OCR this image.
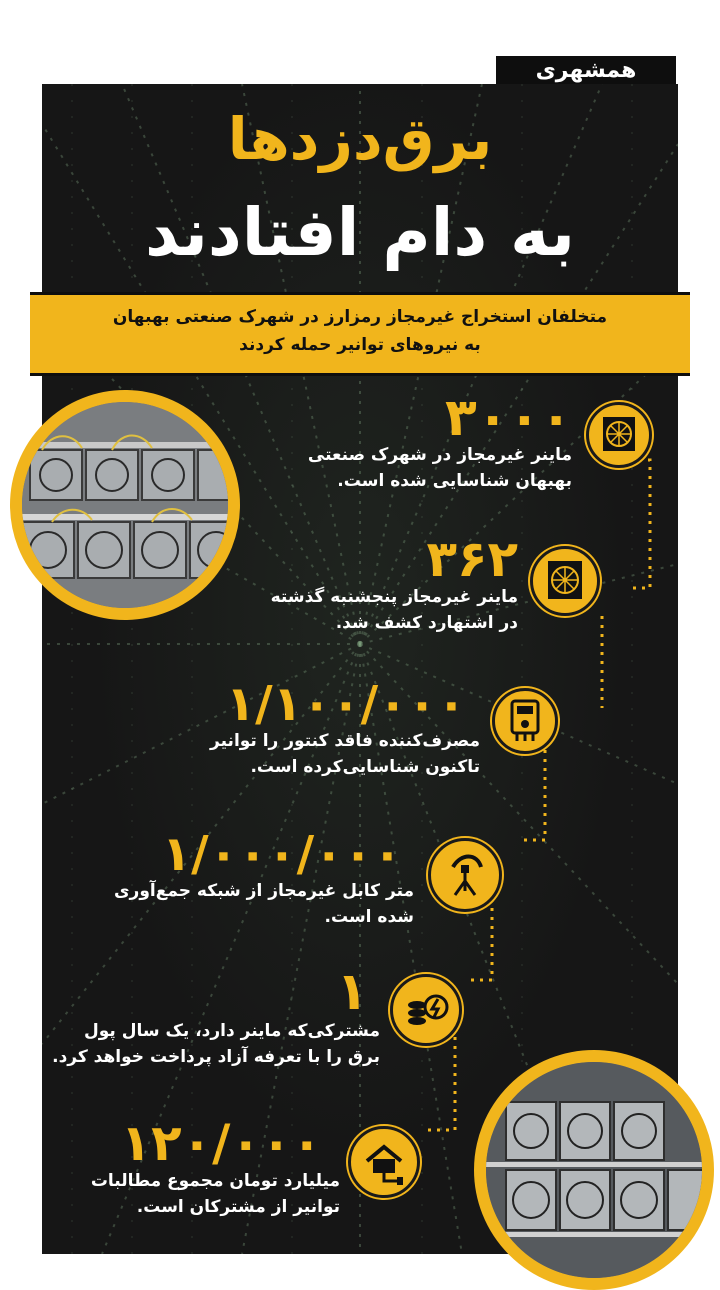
همشهری
برق‌دزدها
به دام افتادند
متخلفان استخراج غیرمجاز رمزارز در شهرک صنعتی بهبهان
به نیروهای توانیر حمله کردند
۳۰۰۰
ماینر غیرمجاز در شهرک صنعتی
بهبهان شناسایی شده است.
۳۶۲
ماینر غیرمجاز پنجشنبه گذشته
در اشتهارد کشف شد.
۱/۱۰۰/۰۰۰
مصرف‌کننده فاقد کنتور را توانیر
تاکنون شناسایی‌کرده است.
۱/۰۰۰/۰۰۰
متر کابل غیرمجاز از شبکه جمع‌آوری
شده است.
۱
مشترکی‌که ماینر دارد، یک سال پول
برق را با تعرفه آزاد پرداخت خواهد کرد.
۱۲۰/۰۰۰
میلیارد تومان مجموع مطالبات
توانیر از مشترکان است.
